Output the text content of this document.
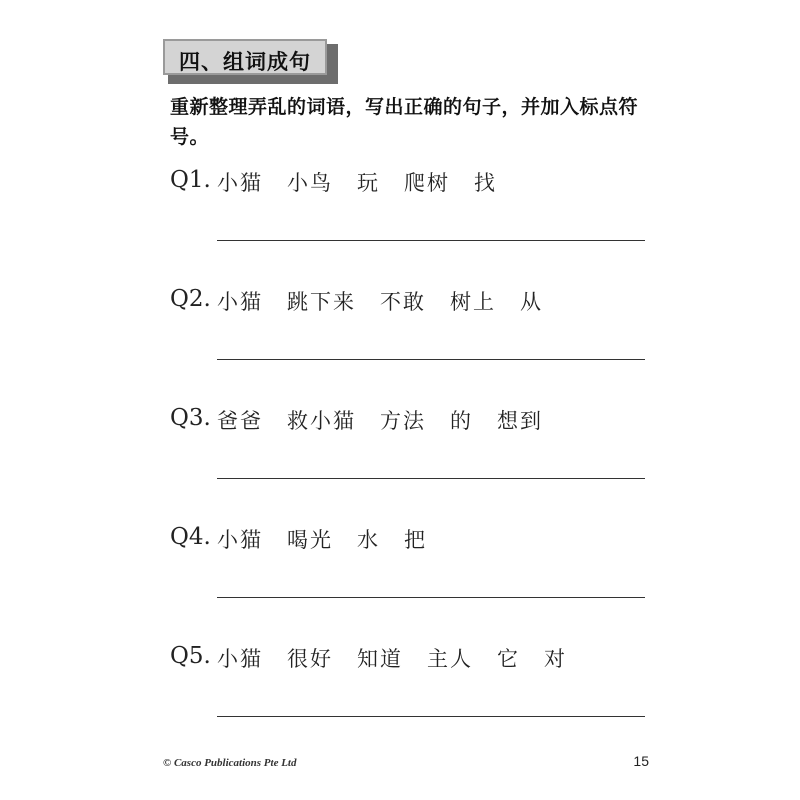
四、组词成句
重新整理弄乱的词语，写出正确的句子，并加入标点符号。
Q1. 小猫 小鸟 玩 爬树 找
Q2. 小猫 跳下来 不敢 树上 从
Q3. 爸爸 救小猫 方法 的 想到
Q4. 小猫 喝光 水 把
Q5. 小猫 很好 知道 主人 它 对
© Casco Publications Pte Ltd	15
